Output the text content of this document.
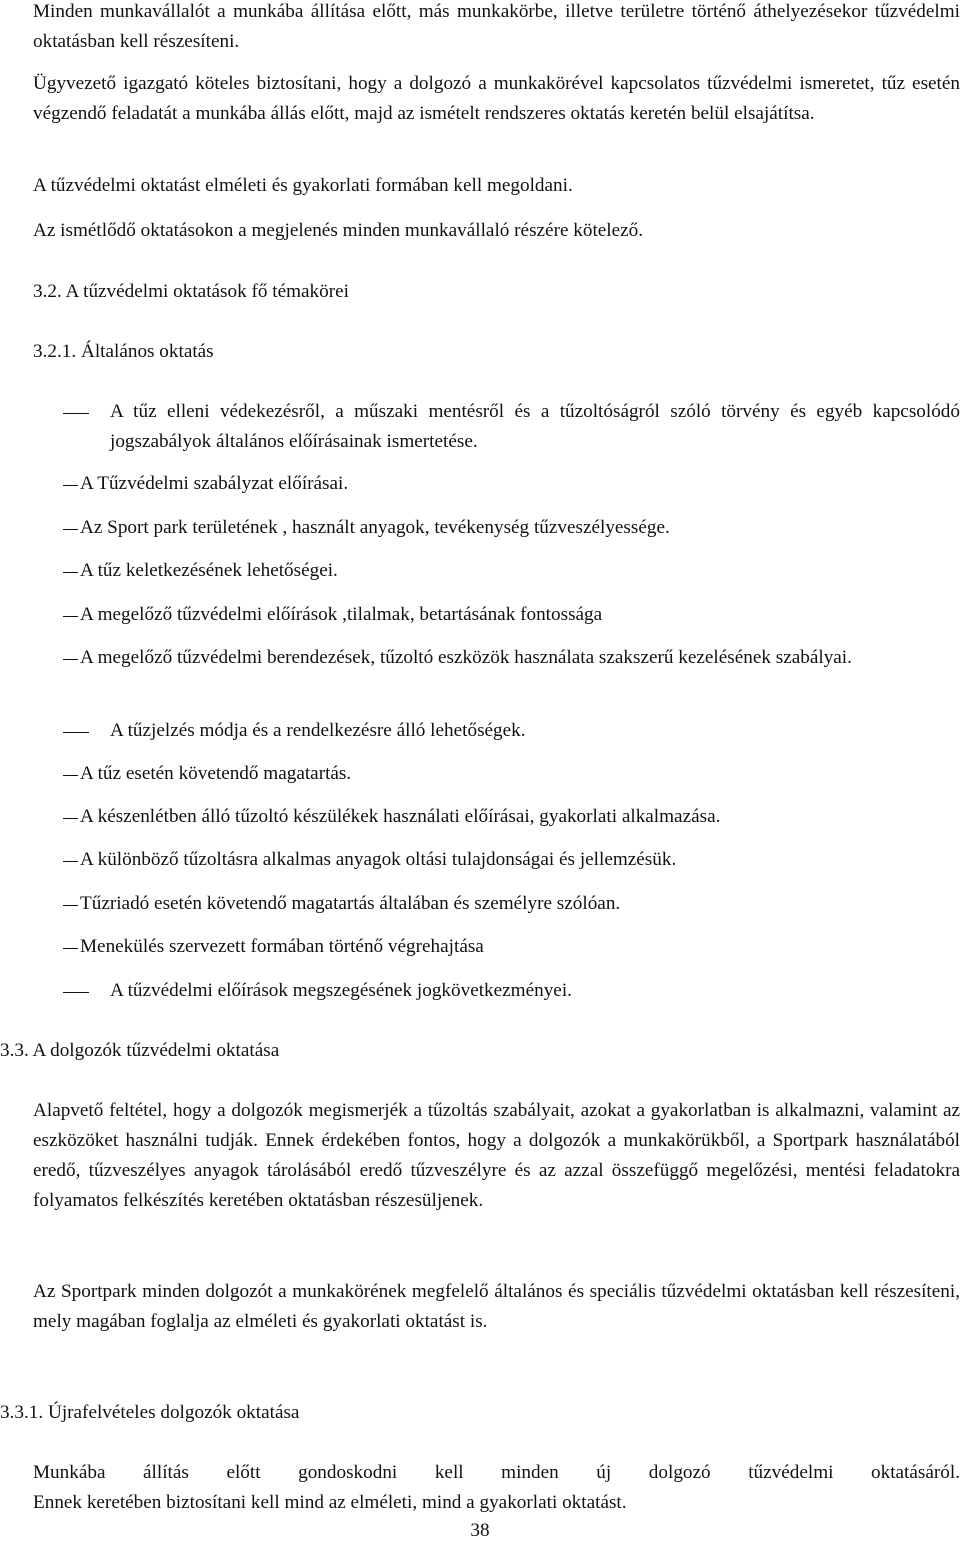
Minden munkavállalót a munkába állítása előtt, más munkakörbe, illetve területre történő áthelyezésekor tűzvédelmi oktatásban kell részesíteni.

Ügyvezető igazgató köteles biztosítani, hogy a dolgozó a munkakörével kapcsolatos tűzvédelmi ismeretet, tűz esetén végzendő feladatát a munkába állás előtt, majd az ismételt rendszeres oktatás keretén belül elsajátítsa.

A tűzvédelmi oktatást elméleti és gyakorlati formában kell megoldani.

Az ismétlődő oktatásokon a megjelenés minden munkavállaló részére kötelező.

3.2. A tűzvédelmi oktatások fő témakörei

3.2.1. Általános oktatás

A tűz elleni védekezésről, a műszaki mentésről és a tűzoltóságról szóló törvény és egyéb kapcsolódó jogszabályok általános előírásainak ismertetése.

A Tűzvédelmi szabályzat előírásai.

Az Sport park területének , használt anyagok, tevékenység tűzveszélyessége.

A tűz keletkezésének lehetőségei.

A megelőző tűzvédelmi előírások ,tilalmak, betartásának fontossága

A megelőző tűzvédelmi berendezések, tűzoltó eszközök használata szakszerű kezelésének szabályai.

A tűzjelzés módja és a rendelkezésre álló lehetőségek.

A tűz esetén követendő magatartás.

A készenlétben álló tűzoltó készülékek használati előírásai, gyakorlati alkalmazása.

A különböző tűzoltásra alkalmas anyagok oltási tulajdonságai és jellemzésük.

Tűzriadó esetén követendő magatartás általában és személyre szólóan.

Menekülés szervezett formában történő végrehajtása

A tűzvédelmi előírások megszegésének jogkövetkezményei.

3.3. A dolgozók tűzvédelmi oktatása

Alapvető feltétel, hogy a dolgozók megismerjék a tűzoltás szabályait, azokat a gyakorlatban is alkalmazni, valamint az eszközöket használni tudják. Ennek érdekében fontos, hogy a dolgozók a munkakörükből, a Sportpark használatából eredő, tűzveszélyes anyagok tárolásából eredő tűzveszélyre és az azzal összefüggő megelőzési, mentési feladatokra folyamatos felkészítés keretében oktatásban részesüljenek.

Az Sportpark minden dolgozót a munkakörének megfelelő általános és speciális tűzvédelmi oktatásban kell részesíteni, mely magában foglalja az elméleti és gyakorlati oktatást is.

3.3.1. Újrafelvételes dolgozók oktatása

Munkába állítás előtt gondoskodni kell minden új dolgozó tűzvédelmi oktatásáról.

Ennek keretében biztosítani kell mind az elméleti, mind a gyakorlati oktatást.

38
